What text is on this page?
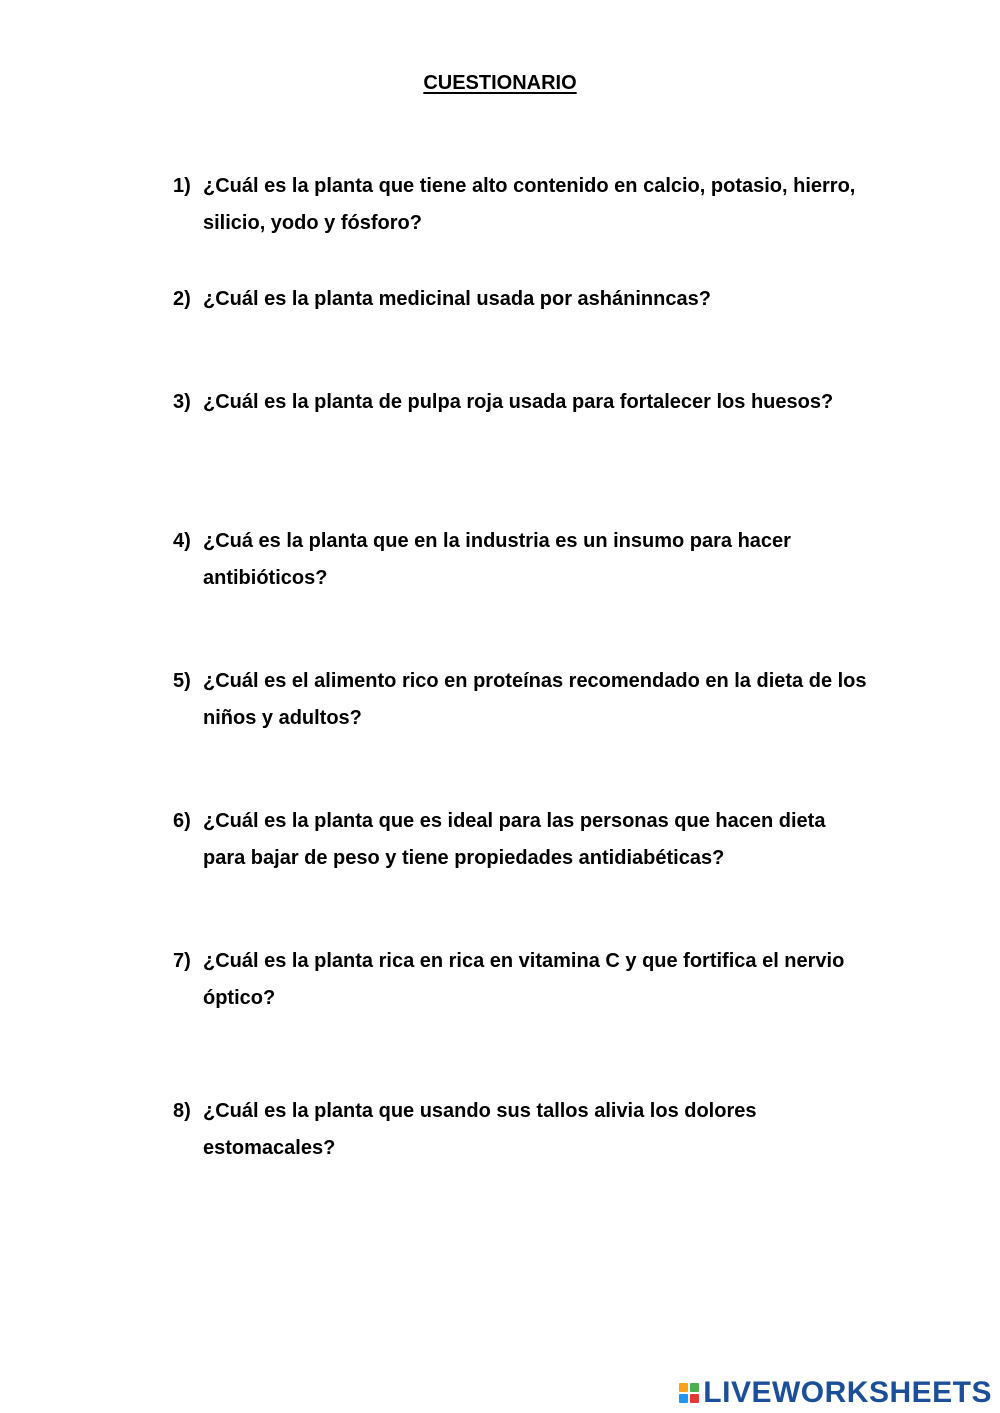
CUESTIONARIO
1) ¿Cuál es la planta que tiene alto contenido en calcio, potasio, hierro, silicio, yodo y fósforo?
2) ¿Cuál es la planta medicinal usada por asháninncas?
3) ¿Cuál es la planta de pulpa roja usada para fortalecer los huesos?
4) ¿Cuá es la planta que en la industria es un insumo para hacer antibióticos?
5) ¿Cuál es el alimento rico en proteínas recomendado en la dieta de los niños y adultos?
6) ¿Cuál es la planta que es ideal para las personas que hacen dieta para bajar de peso y tiene propiedades antidiabéticas?
7) ¿Cuál es la planta rica en rica en vitamina C y que fortifica el nervio óptico?
8) ¿Cuál es la planta que usando sus tallos alivia los dolores estomacales?
LIVEWORKSHEETS
